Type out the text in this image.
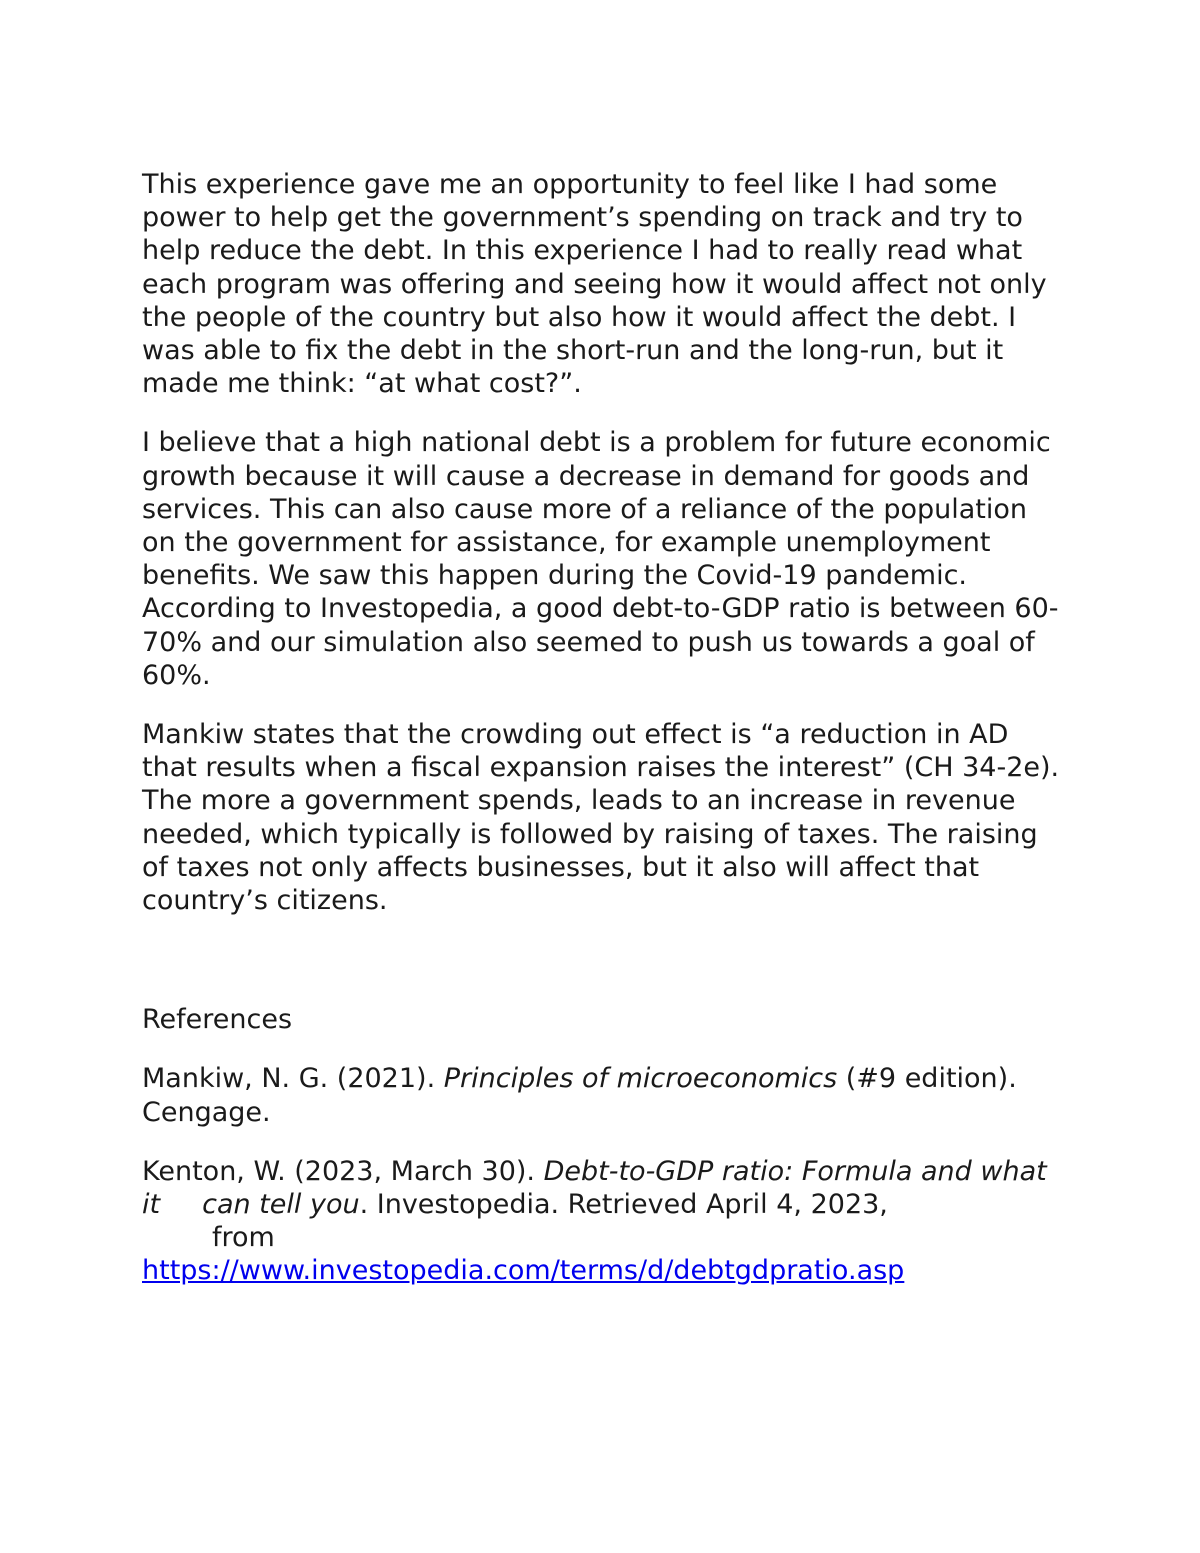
This experience gave me an opportunity to feel like I had some power to help get the government’s spending on track and try to help reduce the debt. In this experience I had to really read what each program was offering and seeing how it would affect not only the people of the country but also how it would affect the debt. I was able to fix the debt in the short-run and the long-run, but it made me think: “at what cost?”.

I believe that a high national debt is a problem for future economic growth because it will cause a decrease in demand for goods and services. This can also cause more of a reliance of the population on the government for assistance, for example unemployment benefits. We saw this happen during the Covid-19 pandemic. According to Investopedia, a good debt-to-GDP ratio is between 60-70% and our simulation also seemed to push us towards a goal of 60%.

Mankiw states that the crowding out effect is “a reduction in AD that results when a fiscal expansion raises the interest” (CH 34-2e). The more a government spends, leads to an increase in revenue needed, which typically is followed by raising of taxes. The raising of taxes not only affects businesses, but it also will affect that country’s citizens.

References

Mankiw, N. G. (2021). Principles of microeconomics (#9 edition). Cengage.

Kenton, W. (2023, March 30). Debt-to-GDP ratio: Formula and what it can tell you. Investopedia. Retrieved April 4, 2023,
from
https://www.investopedia.com/terms/d/debtgdpratio.asp
